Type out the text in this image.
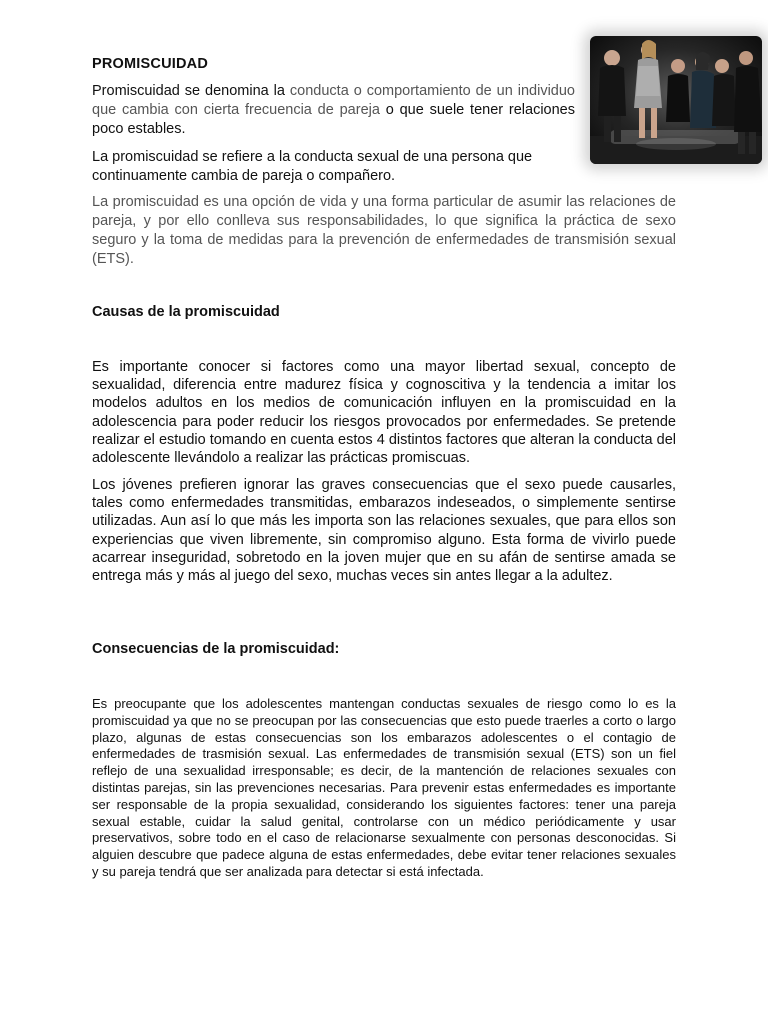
PROMISCUIDAD

Promiscuidad se denomina la conducta o comportamiento de un individuo que cambia con cierta frecuencia de pareja o que suele tener relaciones poco estables.

La promiscuidad se refiere a la conducta sexual de una persona que continuamente cambia de pareja o compañero.

La promiscuidad es una opción de vida y una forma particular de asumir las relaciones de pareja, y por ello conlleva sus responsabilidades, lo que significa la práctica de sexo seguro y la toma de medidas para la prevención de enfermedades de transmisión sexual (ETS).

Causas de la promiscuidad

Es importante conocer si factores como una mayor libertad sexual, concepto de sexualidad, diferencia entre madurez física y cognoscitiva y la tendencia a imitar los modelos adultos en los medios de comunicación influyen en la promiscuidad en la adolescencia para poder reducir los riesgos provocados por enfermedades. Se pretende realizar el estudio tomando en cuenta estos 4 distintos factores que alteran la conducta del adolescente llevándolo a realizar las prácticas promiscuas.

Los jóvenes prefieren ignorar las graves consecuencias que el sexo puede causarles, tales como enfermedades transmitidas, embarazos indeseados, o simplemente sentirse utilizadas. Aun así lo que más les importa son las relaciones sexuales, que para ellos son experiencias que viven libremente, sin compromiso alguno. Esta forma de vivirlo puede acarrear inseguridad, sobretodo en la joven mujer que en su afán de sentirse amada se entrega más y más al juego del sexo, muchas veces sin antes llegar a la adultez.

Consecuencias de la promiscuidad:

Es preocupante que los adolescentes mantengan conductas sexuales de riesgo como lo es la promiscuidad ya que no se preocupan por las consecuencias que esto puede traerles a corto o largo plazo, algunas de estas consecuencias son los embarazos adolescentes o el contagio de enfermedades de trasmisión sexual. Las enfermedades de transmisión sexual (ETS) son un fiel reflejo de una sexualidad irresponsable; es decir, de la mantención de relaciones sexuales con distintas parejas, sin las prevenciones necesarias. Para prevenir estas enfermedades es importante ser responsable de la propia sexualidad, considerando los siguientes factores: tener una pareja sexual estable, cuidar la salud genital, controlarse con un médico periódicamente y usar preservativos, sobre todo en el caso de relacionarse sexualmente con personas desconocidas. Si alguien descubre que padece alguna de estas enfermedades, debe evitar tener relaciones sexuales y su pareja tendrá que ser analizada para detectar si está infectada.
